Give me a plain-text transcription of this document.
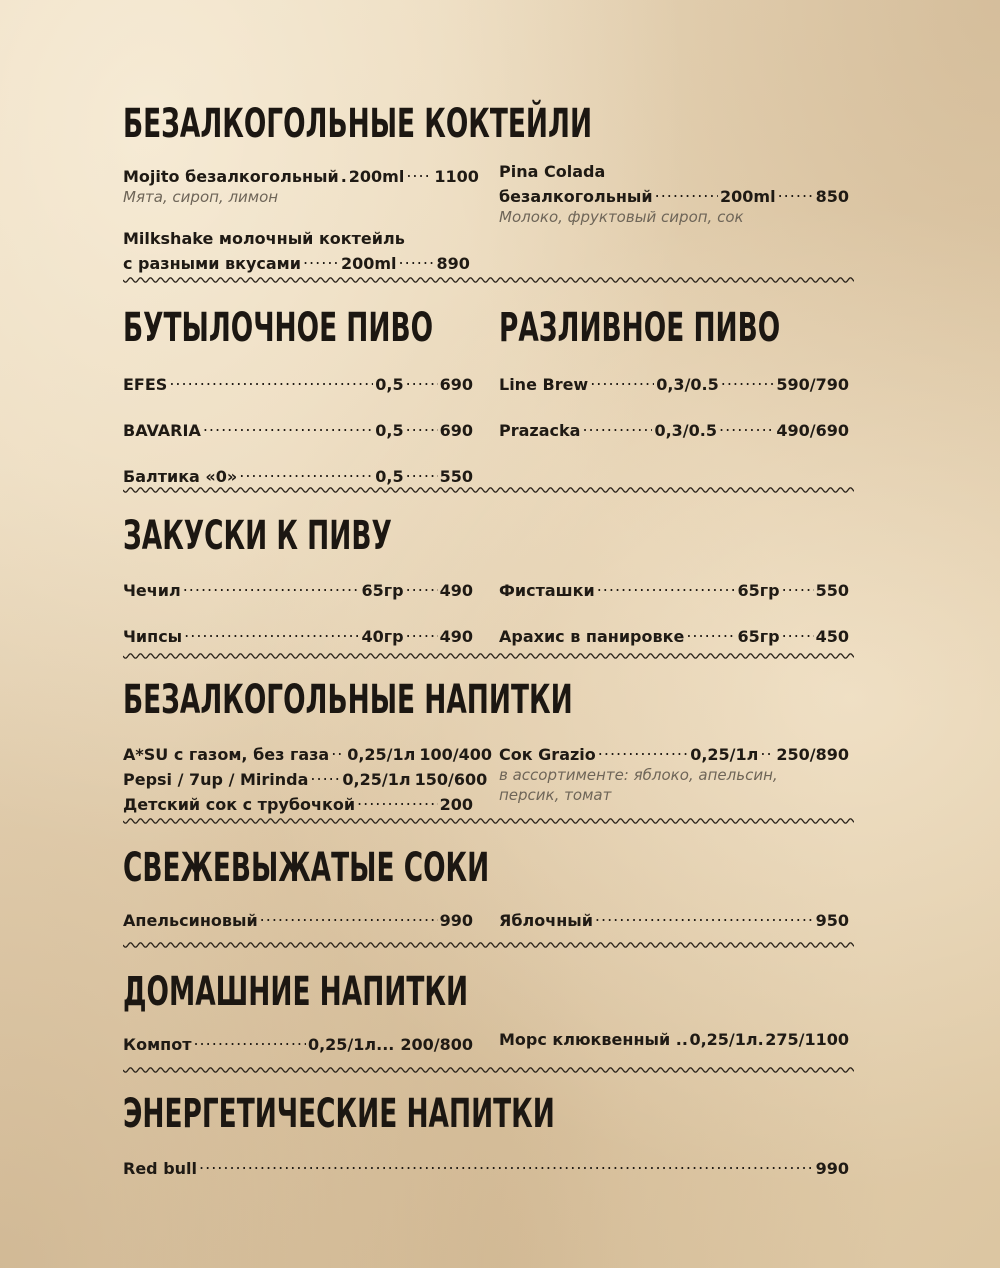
БЕЗАЛКОГОЛЬНЫЕ КОКТЕЙЛИ
Mojito безалкогольный . 200ml ..... 1100
Мята, сироп, лимон
Milkshake молочный коктейль
с разными вкусами .....	200ml .....	890
Pina Colada
безалкогольный .....	200ml .....	850
Молоко, фруктовый сироп, сок
БУТЫЛОЧНОЕ ПИВО РАЗЛИВНОЕ ПИВО
EFES .....	0,5 ..... 690
BAVARIA .....	0,5 ..... 690
Балтика «0» .....	0,5 ..... 550
Line Brew .....	0,3/0.5 .....	590/790
Prazacka .....	0,3/0.5 .....	490/690
ЗАКУСКИ К ПИВУ
Чечил .....	65гр ..... 490
Чипсы .....	40гр ..... 490
Фисташки .....	65гр ..... 550
Арахис в панировке .....	65гр ..... 450
БЕЗАЛКОГОЛЬНЫЕ НАПИТКИ
A*SU с газом, без газа ..... 0,25/1л 100/400
Pepsi / 7up / Mirinda ..... 0,25/1л 150/600
Детский сок с трубочкой .....	200
Сок Grazio .....	0,25/1л ..... 250/890
в ассортименте: яблоко, апельсин, персик, томат
СВЕЖЕВЫЖАТЫЕ СОКИ
Апельсиновый .....	990 Яблочный .....	950
ДОМАШНИЕ НАПИТКИ
Компот .....	0,25/1л... 200/800 Морс клюквенный .. 0,25/1л. 275/1100
ЭНЕРГЕТИЧЕСКИЕ НАПИТКИ
Red bull .....	990
